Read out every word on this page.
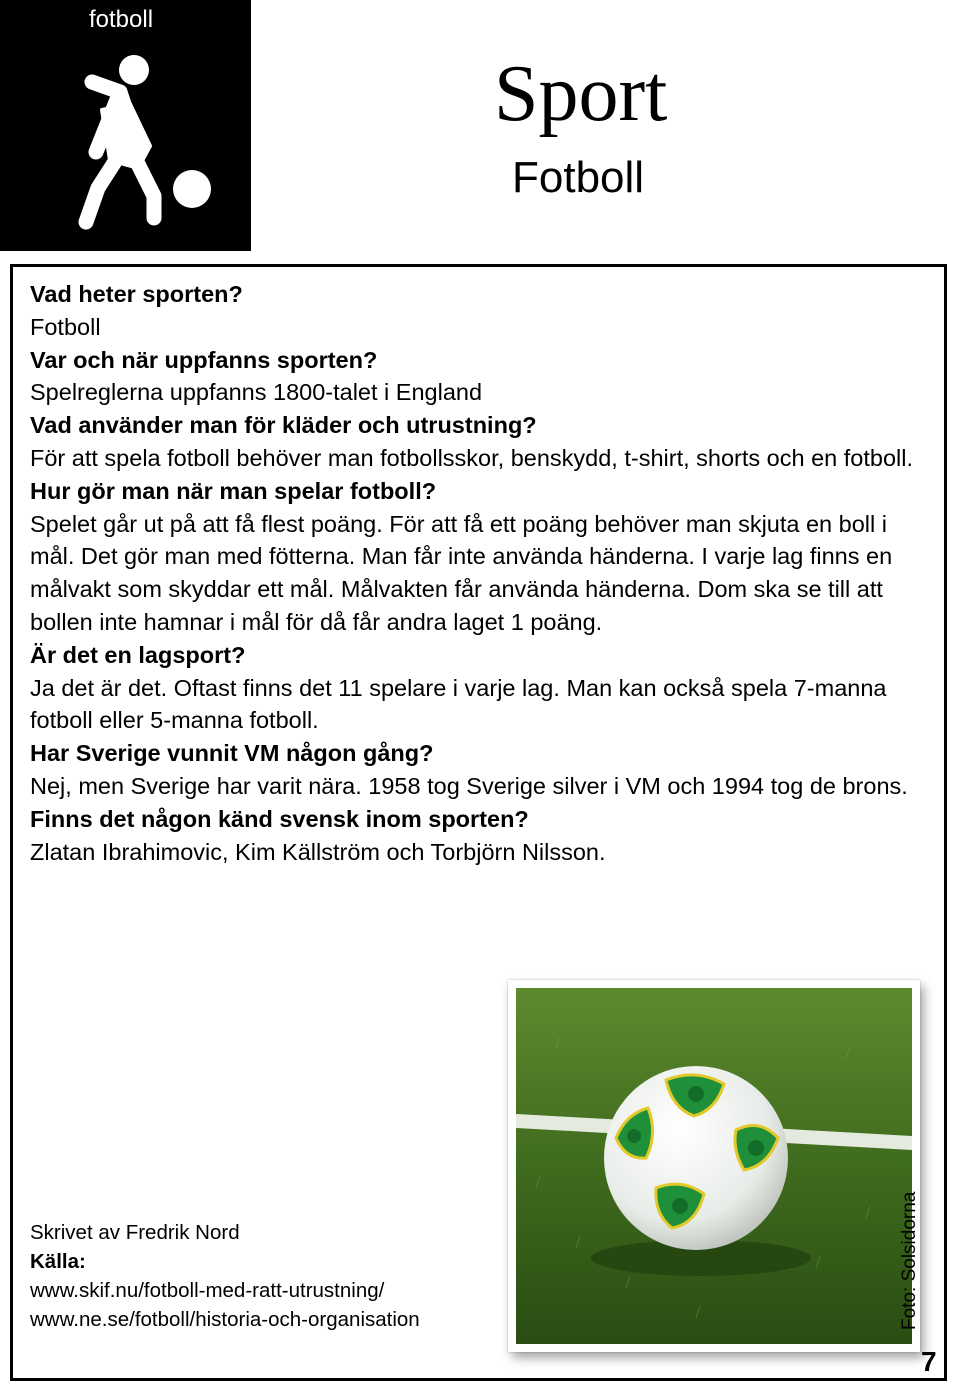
fotboll
Sport
Fotboll

Vad heter sporten?

Fotboll

Var och när uppfanns sporten?

Spelreglerna uppfanns 1800-talet i England

Vad använder man för kläder och utrustning?

För att spela fotboll behöver man fotbollsskor, benskydd, t-shirt, shorts och en fotboll.

Hur gör man när man spelar fotboll?

Spelet går ut på att få flest poäng. För att få ett poäng behöver man skjuta en boll i mål. Det gör man med fötterna. Man får inte använda händerna. I varje lag finns en målvakt som skyddar ett mål. Målvakten får använda händerna. Dom ska se till att bollen inte hamnar i mål för då får andra laget 1 poäng.

Är det en lagsport?

Ja det är det. Oftast finns det 11 spelare i varje lag. Man kan också spela 7-manna fotboll eller 5-manna fotboll.

Har Sverige vunnit VM någon gång?

Nej, men Sverige har varit nära. 1958 tog Sverige silver i VM och 1994 tog de brons.

Finns det någon känd svensk inom sporten?

Zlatan Ibrahimovic, Kim Källström och Torbjörn Nilsson.

Foto: Solsidorna
Skrivet av Fredrik Nord
Källa:
www.skif.nu/fotboll-med-ratt-utrustning/
www.ne.se/fotboll/historia-och-organisation
7
